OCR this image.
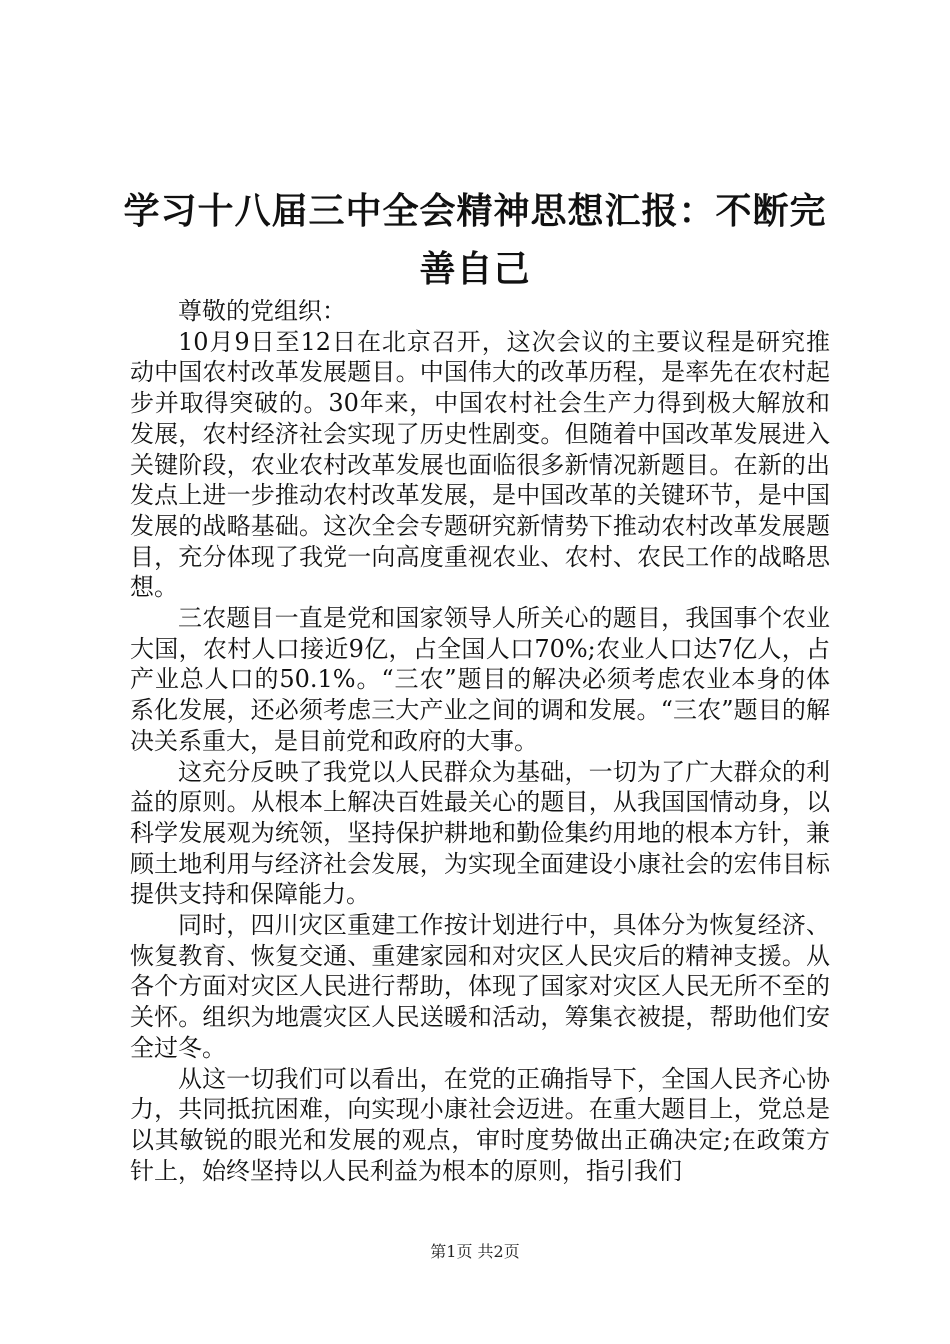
学习十八届三中全会精神思想汇报：不断完善自己

尊敬的党组织：

10月9日至12日在北京召开，这次会议的主要议程是研究推动中国农村改革发展题目。中国伟大的改革历程，是率先在农村起步并取得突破的。30年来，中国农村社会生产力得到极大解放和发展，农村经济社会实现了历史性剧变。但随着中国改革发展进入关键阶段，农业农村改革发展也面临很多新情况新题目。在新的出发点上进一步推动农村改革发展，是中国改革的关键环节，是中国发展的战略基础。这次全会专题研究新情势下推动农村改革发展题目，充分体现了我党一向高度重视农业、农村、农民工作的战略思想。

三农题目一直是党和国家领导人所关心的题目，我国事个农业大国，农村人口接近9亿，占全国人口70%;农业人口达7亿人，占产业总人口的50.1%。“三农”题目的解决必须考虑农业本身的体系化发展，还必须考虑三大产业之间的调和发展。“三农”题目的解决关系重大，是目前党和政府的大事。

这充分反映了我党以人民群众为基础，一切为了广大群众的利益的原则。从根本上解决百姓最关心的题目，从我国国情动身，以科学发展观为统领，坚持保护耕地和勤俭集约用地的根本方针，兼顾土地利用与经济社会发展，为实现全面建设小康社会的宏伟目标提供支持和保障能力。

同时，四川灾区重建工作按计划进行中，具体分为恢复经济、恢复教育、恢复交通、重建家园和对灾区人民灾后的精神支援。从各个方面对灾区人民进行帮助，体现了国家对灾区人民无所不至的关怀。组织为地震灾区人民送暖和活动，筹集衣被提，帮助他们安全过冬。

从这一切我们可以看出，在党的正确指导下，全国人民齐心协力，共同抵抗困难，向实现小康社会迈进。在重大题目上，党总是以其敏锐的眼光和发展的观点，审时度势做出正确决定;在政策方针上，始终坚持以人民利益为根本的原则，指引我们

第1页 共2页
